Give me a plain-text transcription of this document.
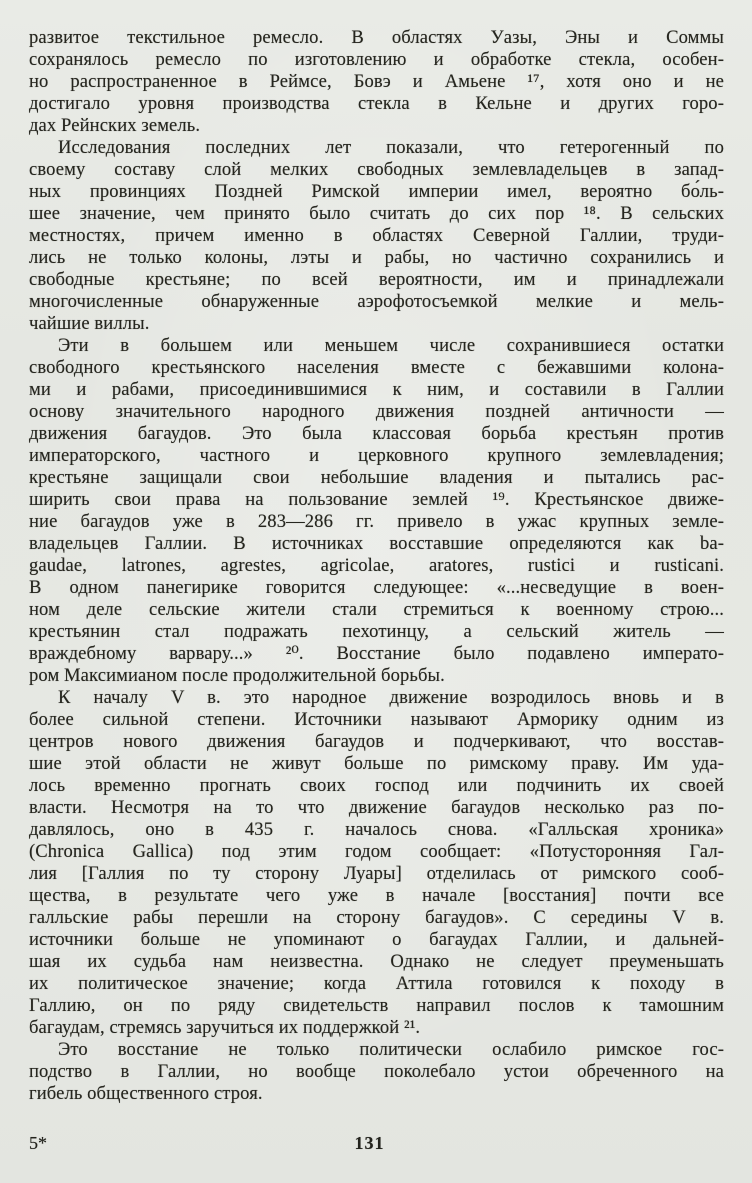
развитое текстильное ремесло. В областях Уазы, Эны и Соммы
сохранялось ремесло по изготовлению и обработке стекла, особен-
но распространенное в Реймсе, Бовэ и Амьене ¹⁷, хотя оно и не
достигало уровня производства стекла в Кельне и других горо-
дах Рейнских земель.
Исследования последних лет показали, что гетерогенный по
своему составу слой мелких свободных землевладельцев в запад-
ных провинциях Поздней Римской империи имел, вероятно бо́ль-
шее значение, чем принято было считать до сих пор ¹⁸. В сельских
местностях, причем именно в областях Северной Галлии, труди-
лись не только колоны, лэты и рабы, но частично сохранились и
свободные крестьяне; по всей вероятности, им и принадлежали
многочисленные обнаруженные аэрофотосъемкой мелкие и мель-
чайшие виллы.
Эти в большем или меньшем числе сохранившиеся остатки
свободного крестьянского населения вместе с бежавшими колона-
ми и рабами, присоединившимися к ним, и составили в Галлии
основу значительного народного движения поздней античности —
движения багаудов. Это была классовая борьба крестьян против
императорского, частного и церковного крупного землевладения;
крестьяне защищали свои небольшие владения и пытались рас-
ширить свои права на пользование землей ¹⁹. Крестьянское движе-
ние багаудов уже в 283—286 гг. привело в ужас крупных земле-
владельцев Галлии. В источниках восставшие определяются как ba-
gaudae, latrones, agrestes, agricolae, aratores, rustici и rusticani.
В одном панегирике говорится следующее: «...несведущие в воен-
ном деле сельские жители стали стремиться к военному строю...
крестьянин стал подражать пехотинцу, а сельский житель —
враждебному варвару...» ²⁰. Восстание было подавлено императо-
ром Максимианом после продолжительной борьбы.
К началу V в. это народное движение возродилось вновь и в
более сильной степени. Источники называют Арморику одним из
центров нового движения багаудов и подчеркивают, что восстав-
шие этой области не живут больше по римскому праву. Им уда-
лось временно прогнать своих господ или подчинить их своей
власти. Несмотря на то что движение багаудов несколько раз по-
давлялось, оно в 435 г. началось снова. «Галльская хроника»
(Chronica Gallica) под этим годом сообщает: «Потусторонняя Гал-
лия [Галлия по ту сторону Луары] отделилась от римского сооб-
щества, в результате чего уже в начале [восстания] почти все
галльские рабы перешли на сторону багаудов». С середины V в.
источники больше не упоминают о багаудах Галлии, и дальней-
шая их судьба нам неизвестна. Однако не следует преуменьшать
их политическое значение; когда Аттила готовился к походу в
Галлию, он по ряду свидетельств направил послов к тамошним
багаудам, стремясь заручиться их поддержкой ²¹.
Это восстание не только политически ослабило римское гос-
подство в Галлии, но вообще поколебало устои обреченного на
гибель общественного строя.
5*	131
